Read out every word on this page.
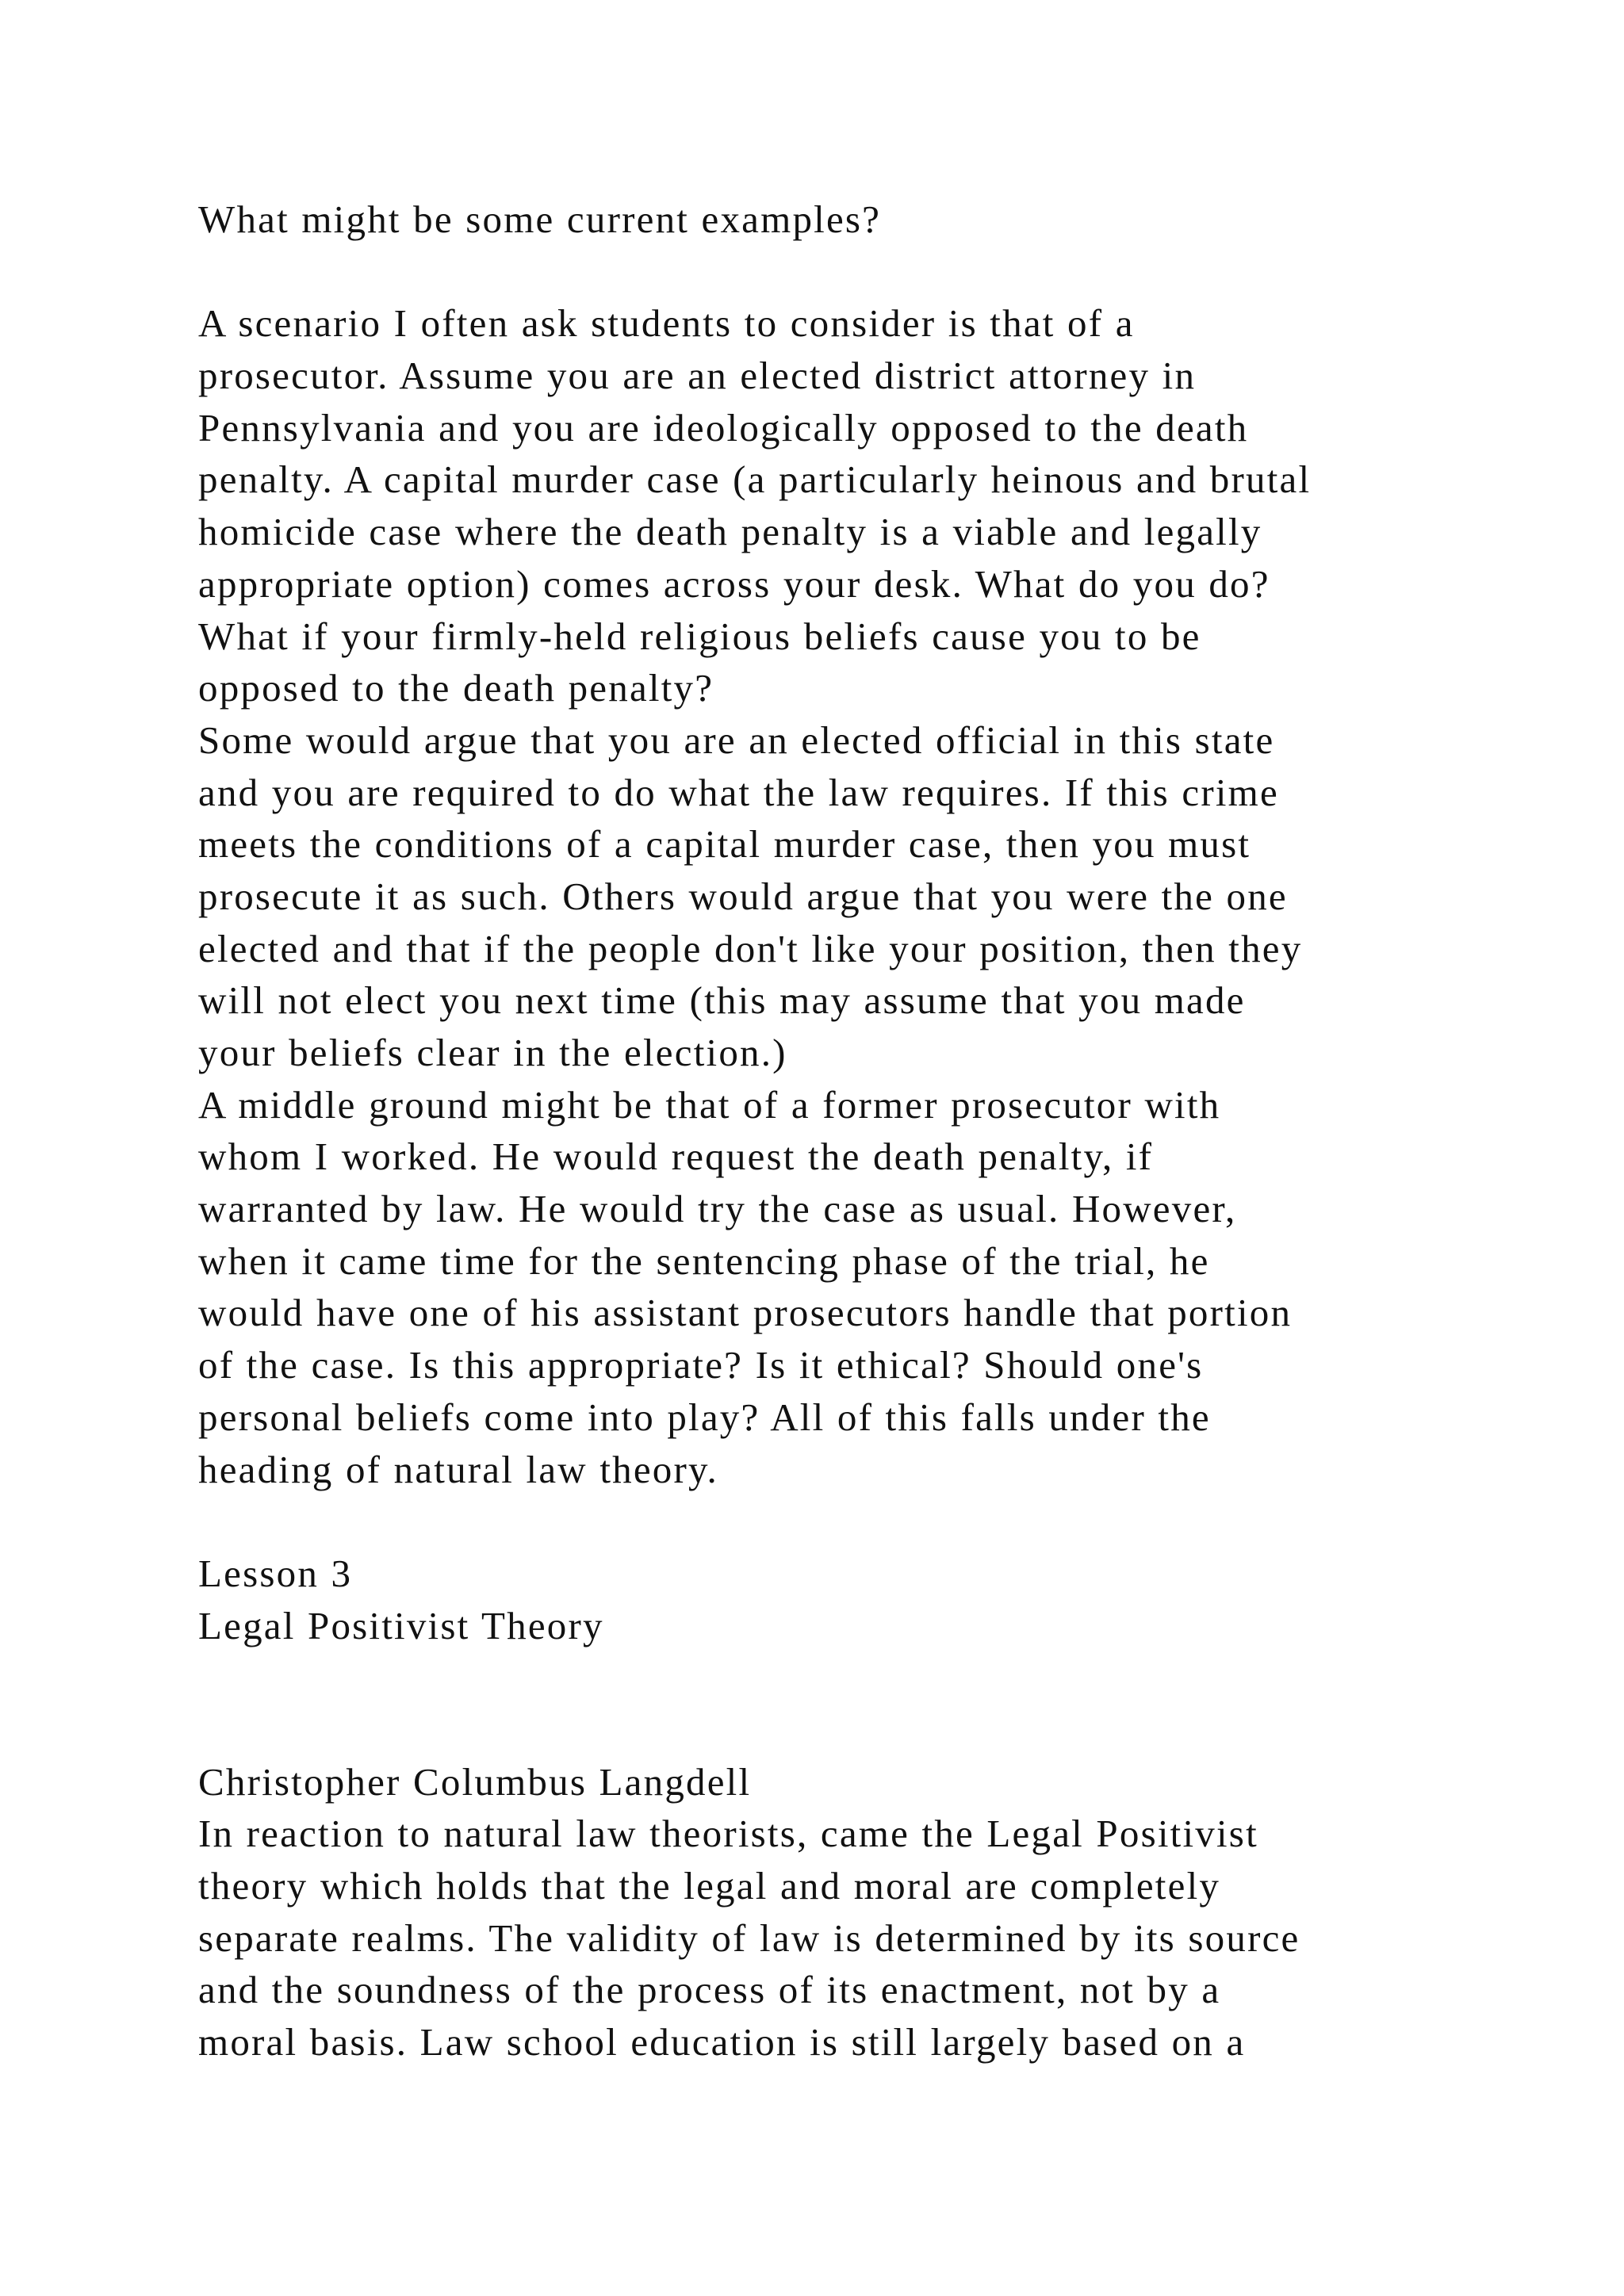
What might be some current examples?
A scenario I often ask students to consider is that of a
prosecutor. Assume you are an elected district attorney in
Pennsylvania and you are ideologically opposed to the death
penalty. A capital murder case (a particularly heinous and brutal
homicide case where the death penalty is a viable and legally
appropriate option) comes across your desk. What do you do?
What if your firmly-held religious beliefs cause you to be
opposed to the death penalty?
Some would argue that you are an elected official in this state
and you are required to do what the law requires. If this crime
meets the conditions of a capital murder case, then you must
prosecute it as such. Others would argue that you were the one
elected and that if the people don't like your position, then they
will not elect you next time (this may assume that you made
your beliefs clear in the election.)
A middle ground might be that of a former prosecutor with
whom I worked. He would request the death penalty, if
warranted by law. He would try the case as usual. However,
when it came time for the sentencing phase of the trial, he
would have one of his assistant prosecutors handle that portion
of the case. Is this appropriate? Is it ethical? Should one's
personal beliefs come into play? All of this falls under the
heading of natural law theory.
Lesson 3
Legal Positivist Theory
Christopher Columbus Langdell
In reaction to natural law theorists, came the Legal Positivist
theory which holds that the legal and moral are completely
separate realms. The validity of law is determined by its source
and the soundness of the process of its enactment, not by a
moral basis. Law school education is still largely based on a
